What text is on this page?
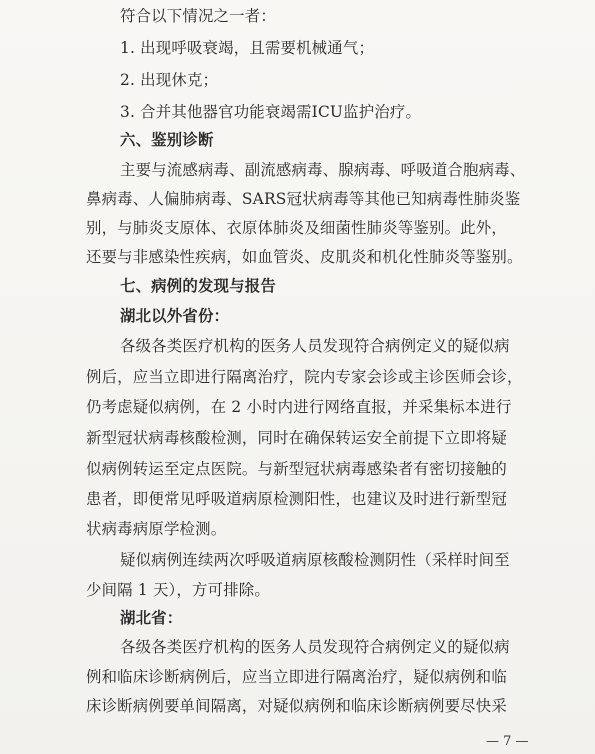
符合以下情况之一者：
1. 出现呼吸衰竭，且需要机械通气；
2. 出现休克；
3. 合并其他器官功能衰竭需ICU监护治疗。
六、鉴别诊断
主要与流感病毒、副流感病毒、腺病毒、呼吸道合胞病毒、
鼻病毒、人偏肺病毒、SARS冠状病毒等其他已知病毒性肺炎鉴
别，与肺炎支原体、衣原体肺炎及细菌性肺炎等鉴别。此外，
还要与非感染性疾病，如血管炎、皮肌炎和机化性肺炎等鉴别。
七、病例的发现与报告
湖北以外省份：
各级各类医疗机构的医务人员发现符合病例定义的疑似病
例后，应当立即进行隔离治疗，院内专家会诊或主诊医师会诊，
仍考虑疑似病例，在 2 小时内进行网络直报，并采集标本进行
新型冠状病毒核酸检测，同时在确保转运安全前提下立即将疑
似病例转运至定点医院。与新型冠状病毒感染者有密切接触的
患者，即便常见呼吸道病原检测阳性，也建议及时进行新型冠
状病毒病原学检测。
疑似病例连续两次呼吸道病原核酸检测阴性（采样时间至
少间隔 1 天），方可排除。
湖北省：
各级各类医疗机构的医务人员发现符合病例定义的疑似病
例和临床诊断病例后，应当立即进行隔离治疗，疑似病例和临
床诊断病例要单间隔离，对疑似病例和临床诊断病例要尽快采
— 7 —
